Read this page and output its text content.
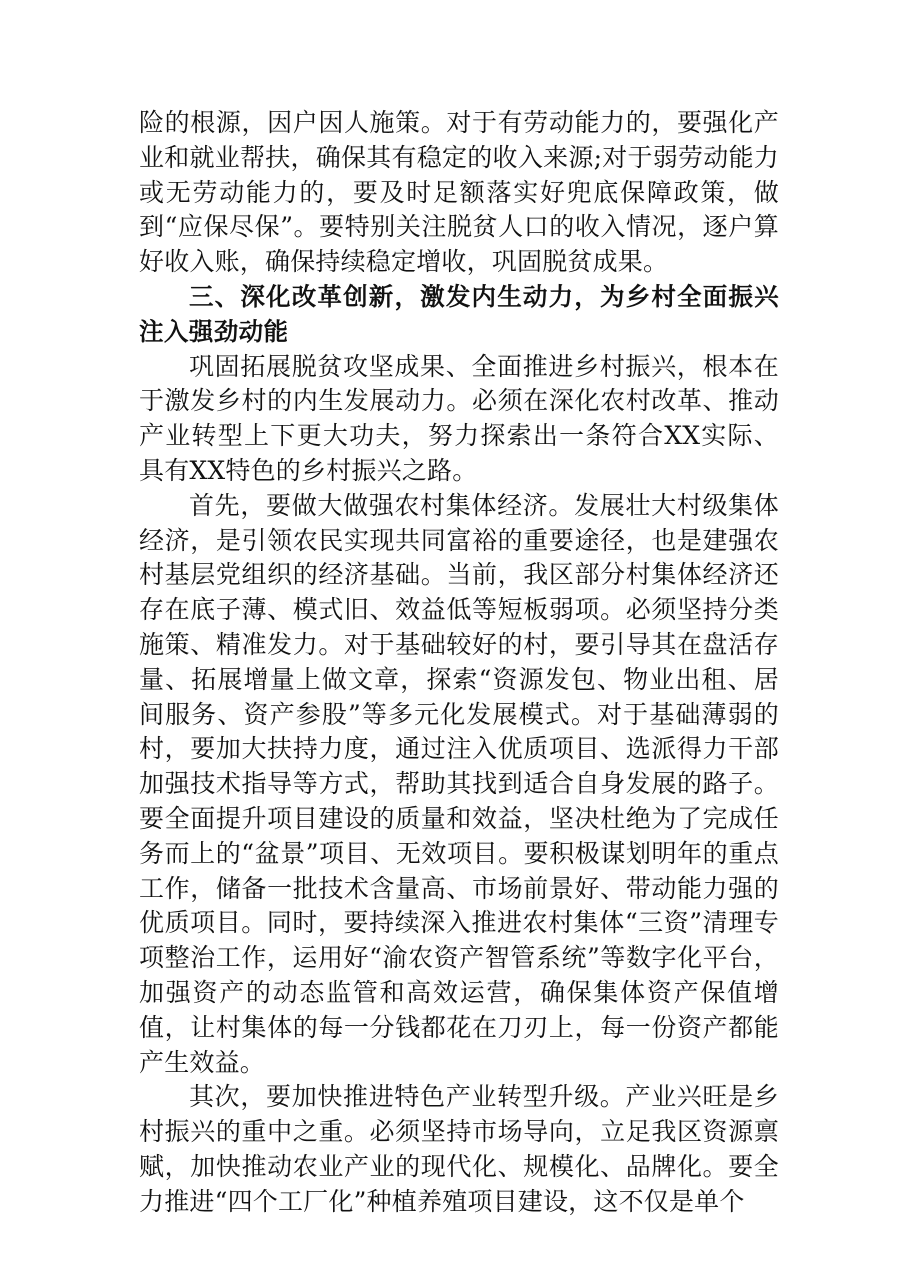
险的根源，因户因人施策。对于有劳动能力的，要强化产业和就业帮扶，确保其有稳定的收入来源;对于弱劳动能力或无劳动能力的，要及时足额落实好兜底保障政策，做到“应保尽保”。要特别关注脱贫人口的收入情况，逐户算好收入账，确保持续稳定增收，巩固脱贫成果。

三、深化改革创新，激发内生动力，为乡村全面振兴注入强劲动能

巩固拓展脱贫攻坚成果、全面推进乡村振兴，根本在于激发乡村的内生发展动力。必须在深化农村改革、推动产业转型上下更大功夫，努力探索出一条符合XX实际、具有XX特色的乡村振兴之路。

首先，要做大做强农村集体经济。发展壮大村级集体经济，是引领农民实现共同富裕的重要途径，也是建强农村基层党组织的经济基础。当前，我区部分村集体经济还存在底子薄、模式旧、效益低等短板弱项。必须坚持分类施策、精准发力。对于基础较好的村，要引导其在盘活存量、拓展增量上做文章，探索“资源发包、物业出租、居间服务、资产参股”等多元化发展模式。对于基础薄弱的村，要加大扶持力度，通过注入优质项目、选派得力干部加强技术指导等方式，帮助其找到适合自身发展的路子。要全面提升项目建设的质量和效益，坚决杜绝为了完成任务而上的“盆景”项目、无效项目。要积极谋划明年的重点工作，储备一批技术含量高、市场前景好、带动能力强的优质项目。同时，要持续深入推进农村集体“三资”清理专项整治工作，运用好“渝农资产智管系统”等数字化平台，加强资产的动态监管和高效运营，确保集体资产保值增值，让村集体的每一分钱都花在刀刃上，每一份资产都能产生效益。

其次，要加快推进特色产业转型升级。产业兴旺是乡村振兴的重中之重。必须坚持市场导向，立足我区资源禀赋，加快推动农业产业的现代化、规模化、品牌化。要全力推进“四个工厂化”种植养殖项目建设，这不仅是单个
